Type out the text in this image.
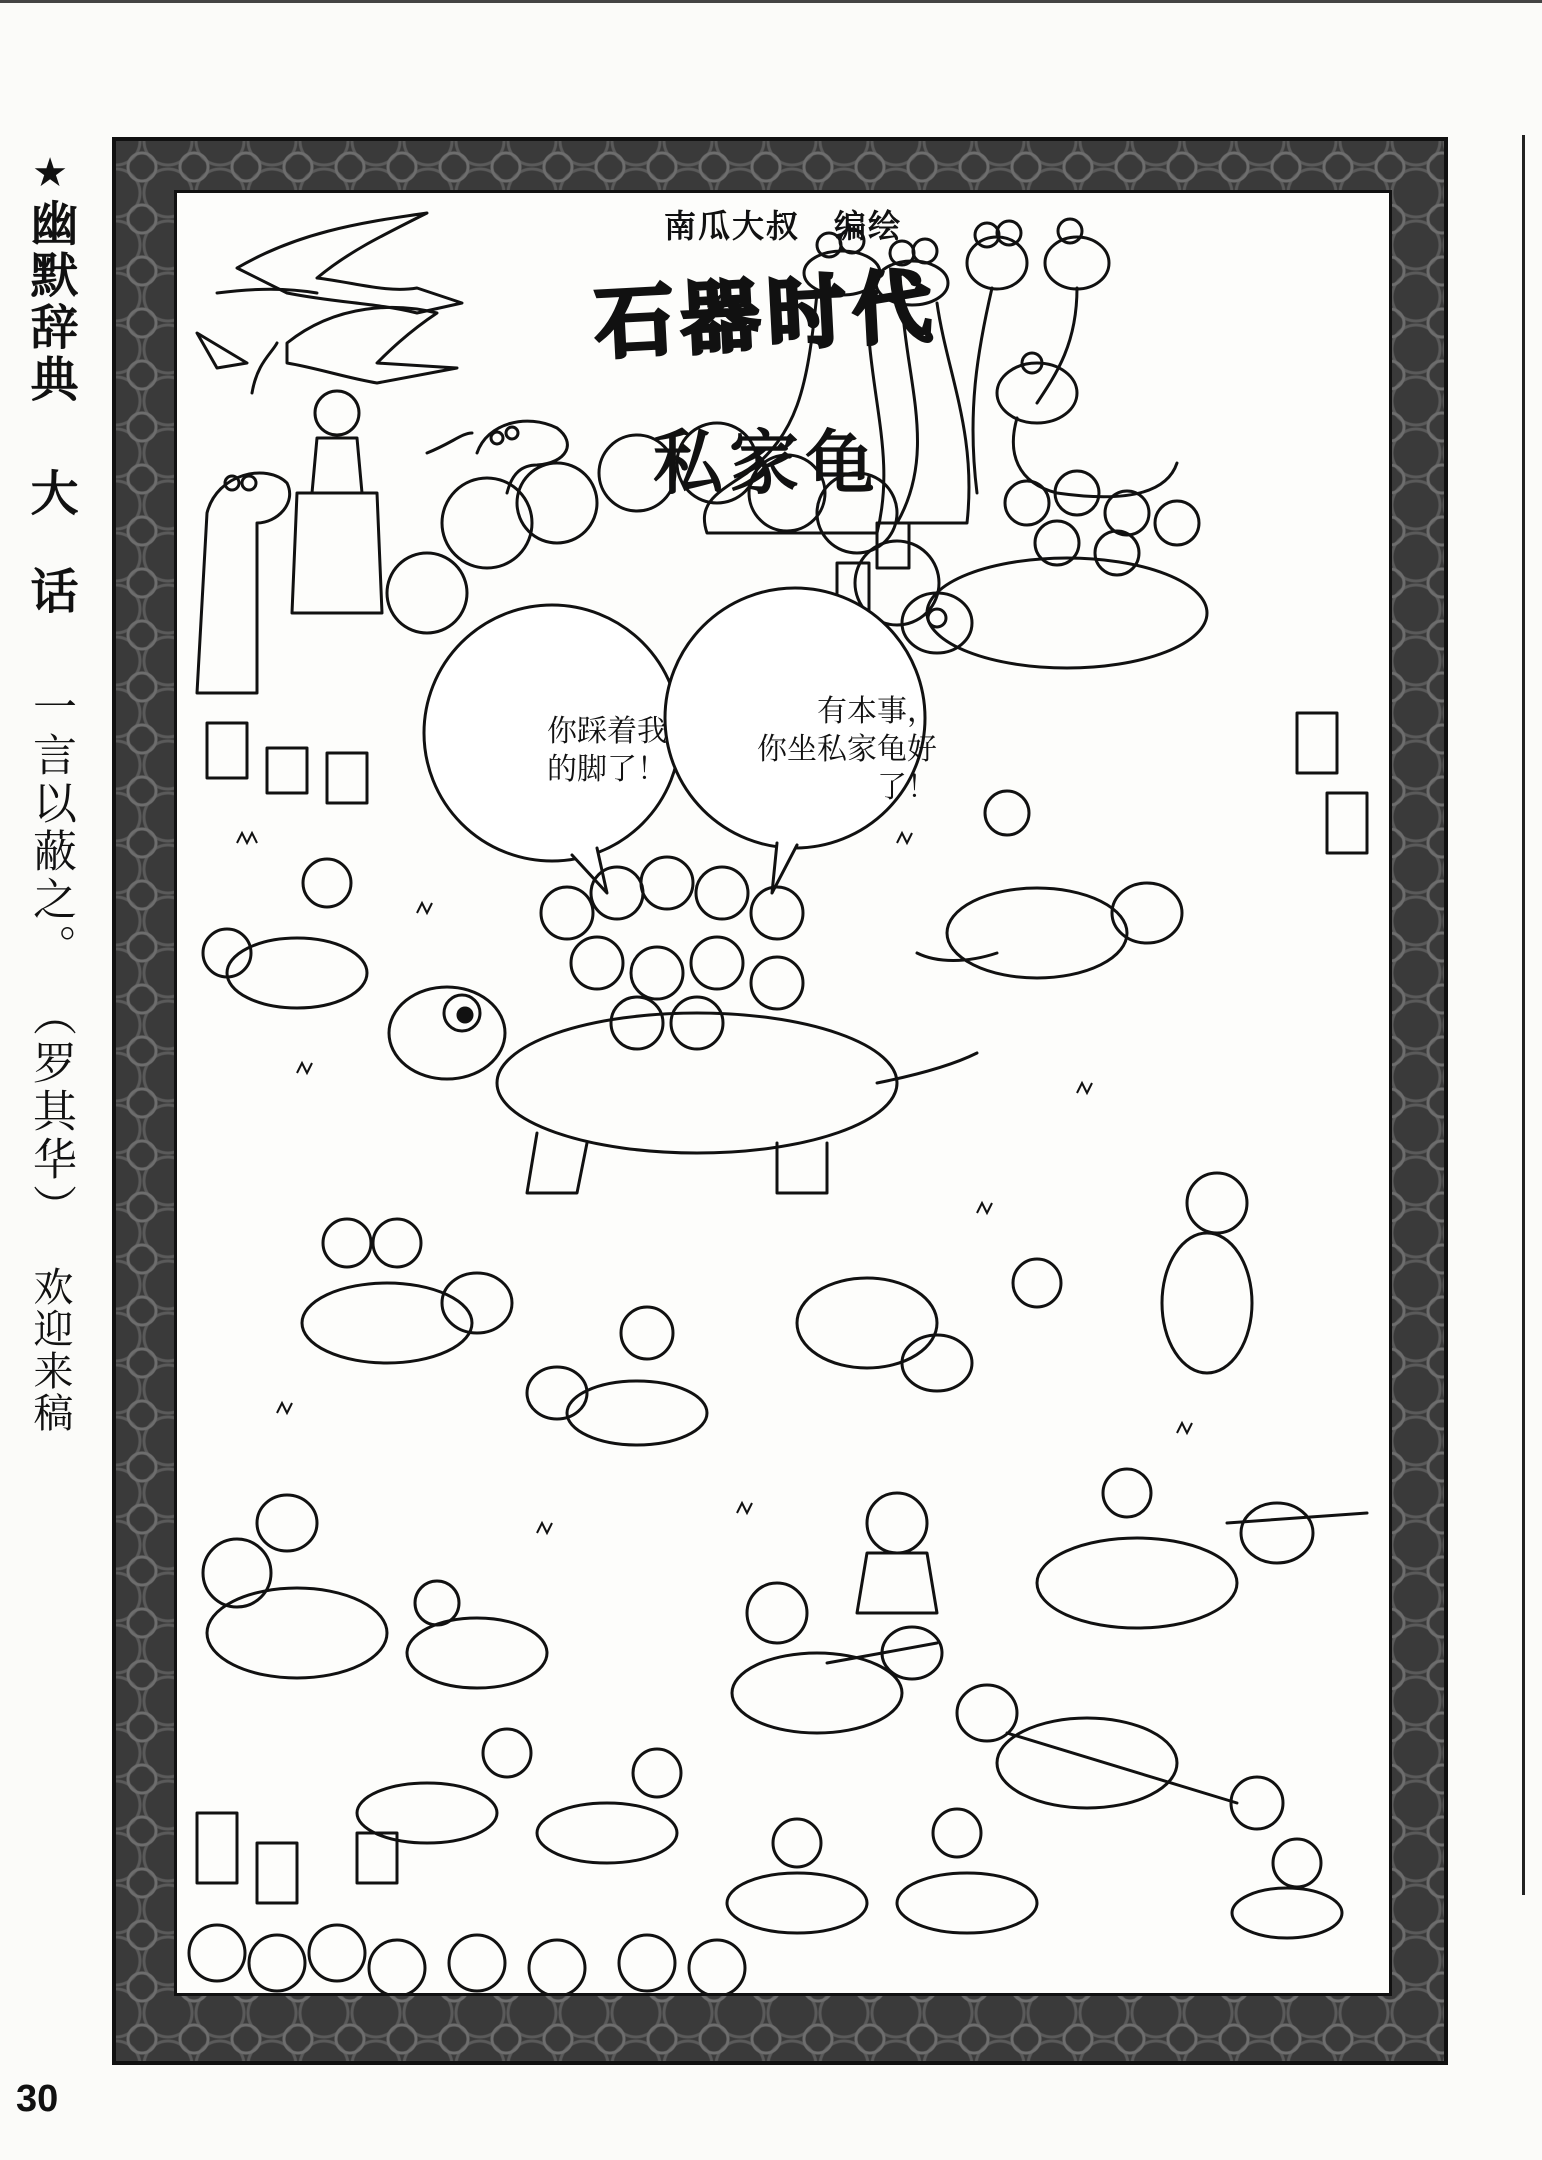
★
幽默辞典
大话
一言以蔽之。
（罗其华）
欢迎来稿
南瓜大叔　编绘
石器时代
私家龟
你踩着我
的脚了！
有本事，
你坐私家龟好
了！
30
